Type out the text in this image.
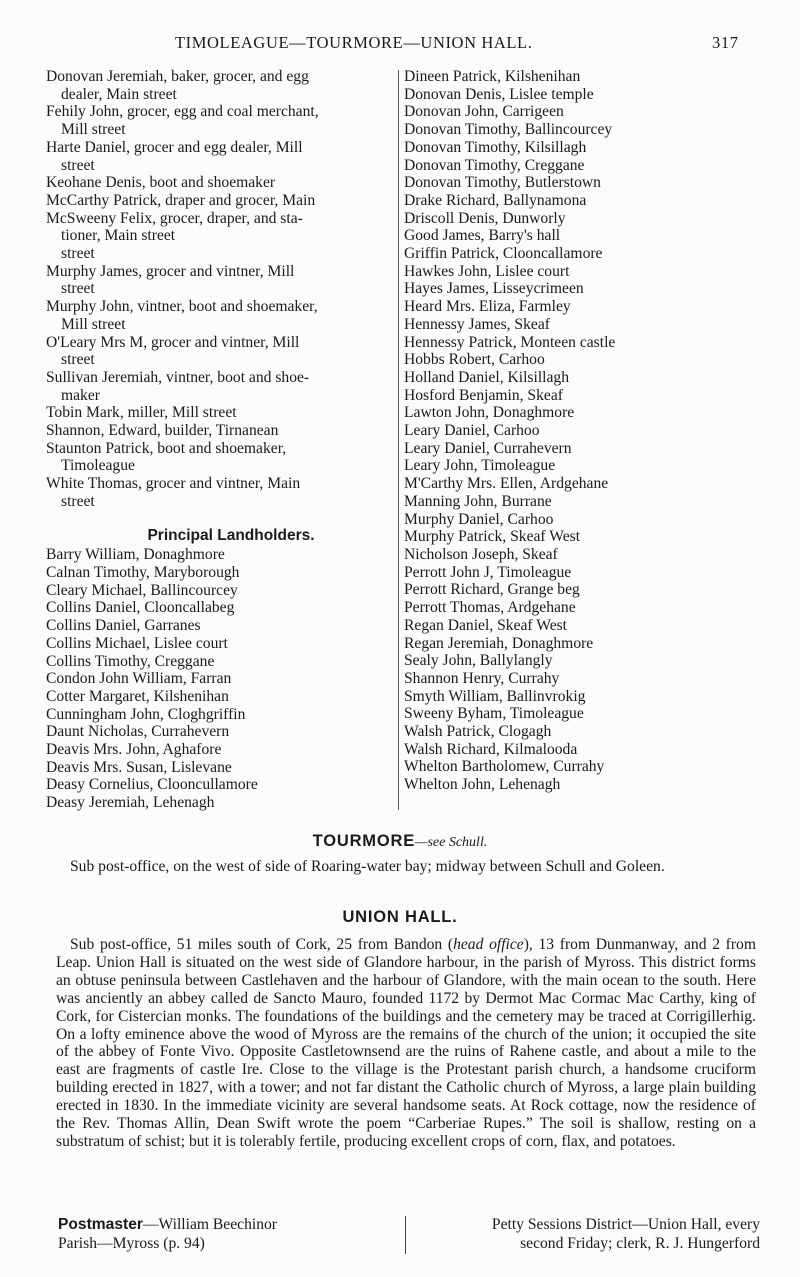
TIMOLEAGUE—TOURMORE—UNION HALL.	317
Donovan Jeremiah, baker, grocer, and egg
dealer, Main street
Fehily John, grocer, egg and coal merchant,
Mill street
Harte Daniel, grocer and egg dealer, Mill
street
Keohane Denis, boot and shoemaker
McCarthy Patrick, draper and grocer, Main
McSweeny Felix, grocer, draper, and sta-
tioner, Main street
street
Murphy James, grocer and vintner, Mill
street
Murphy John, vintner, boot and shoemaker,
Mill street
O'Leary Mrs M, grocer and vintner, Mill
street
Sullivan Jeremiah, vintner, boot and shoe-
maker
Tobin Mark, miller, Mill street
Shannon, Edward, builder, Tirnanean
Staunton Patrick, boot and shoemaker,
Timoleague
White Thomas, grocer and vintner, Main
street
Principal Landholders.
Barry William, Donaghmore
Calnan Timothy, Maryborough
Cleary Michael, Ballincourcey
Collins Daniel, Clooncallabeg
Collins Daniel, Garranes
Collins Michael, Lislee court
Collins Timothy, Creggane
Condon John William, Farran
Cotter Margaret, Kilshenihan
Cunningham John, Cloghgriffin
Daunt Nicholas, Currahevern
Deavis Mrs. John, Aghafore
Deavis Mrs. Susan, Lislevane
Deasy Cornelius, Clooncullamore
Deasy Jeremiah, Lehenagh
Dineen Patrick, Kilshenihan
Donovan Denis, Lislee temple
Donovan John, Carrigeen
Donovan Timothy, Ballincourcey
Donovan Timothy, Kilsillagh
Donovan Timothy, Creggane
Donovan Timothy, Butlerstown
Drake Richard, Ballynamona
Driscoll Denis, Dunworly
Good James, Barry's hall
Griffin Patrick, Clooncallamore
Hawkes John, Lislee court
Hayes James, Lisseycrimeen
Heard Mrs. Eliza, Farmley
Hennessy James, Skeaf
Hennessy Patrick, Monteen castle
Hobbs Robert, Carhoo
Holland Daniel, Kilsillagh
Hosford Benjamin, Skeaf
Lawton John, Donaghmore
Leary Daniel, Carhoo
Leary Daniel, Currahevern
Leary John, Timoleague
M'Carthy Mrs. Ellen, Ardgehane
Manning John, Burrane
Murphy Daniel, Carhoo
Murphy Patrick, Skeaf West
Nicholson Joseph, Skeaf
Perrott John J, Timoleague
Perrott Richard, Grange beg
Perrott Thomas, Ardgehane
Regan Daniel, Skeaf West
Regan Jeremiah, Donaghmore
Sealy John, Ballylangly
Shannon Henry, Currahy
Smyth William, Ballinvrokig
Sweeny Byham, Timoleague
Walsh Patrick, Clogagh
Walsh Richard, Kilmalooda
Whelton Bartholomew, Currahy
Whelton John, Lehenagh
TOURMORE—see Schull.
Sub post-office, on the west of side of Roaring-water bay; midway between Schull and Goleen.
UNION HALL.
Sub post-office, 51 miles south of Cork, 25 from Bandon (head office), 13 from Dunmanway, and 2 from Leap. Union Hall is situated on the west side of Glandore harbour, in the parish of Myross. This district forms an obtuse peninsula between Castlehaven and the harbour of Glandore, with the main ocean to the south. Here was anciently an abbey called de Sancto Mauro, founded 1172 by Dermot Mac Cormac Mac Carthy, king of Cork, for Cistercian monks. The foundations of the buildings and the cemetery may be traced at Corrigillerhig. On a lofty eminence above the wood of Myross are the remains of the church of the union; it occupied the site of the abbey of Fonte Vivo. Opposite Castletownsend are the ruins of Rahene castle, and about a mile to the east are fragments of castle Ire. Close to the village is the Protestant parish church, a handsome cruciform building erected in 1827, with a tower; and not far distant the Catholic church of Myross, a large plain building erected in 1830. In the immediate vicinity are several handsome seats. At Rock cottage, now the residence of the Rev. Thomas Allin, Dean Swift wrote the poem “Carberiae Rupes.” The soil is shallow, resting on a substratum of schist; but it is tolerably fertile, producing excellent crops of corn, flax, and potatoes.
Postmaster—William Beechinor
Parish—Myross (p. 94)
Petty Sessions District—Union Hall, every
second Friday; clerk, R. J. Hungerford
